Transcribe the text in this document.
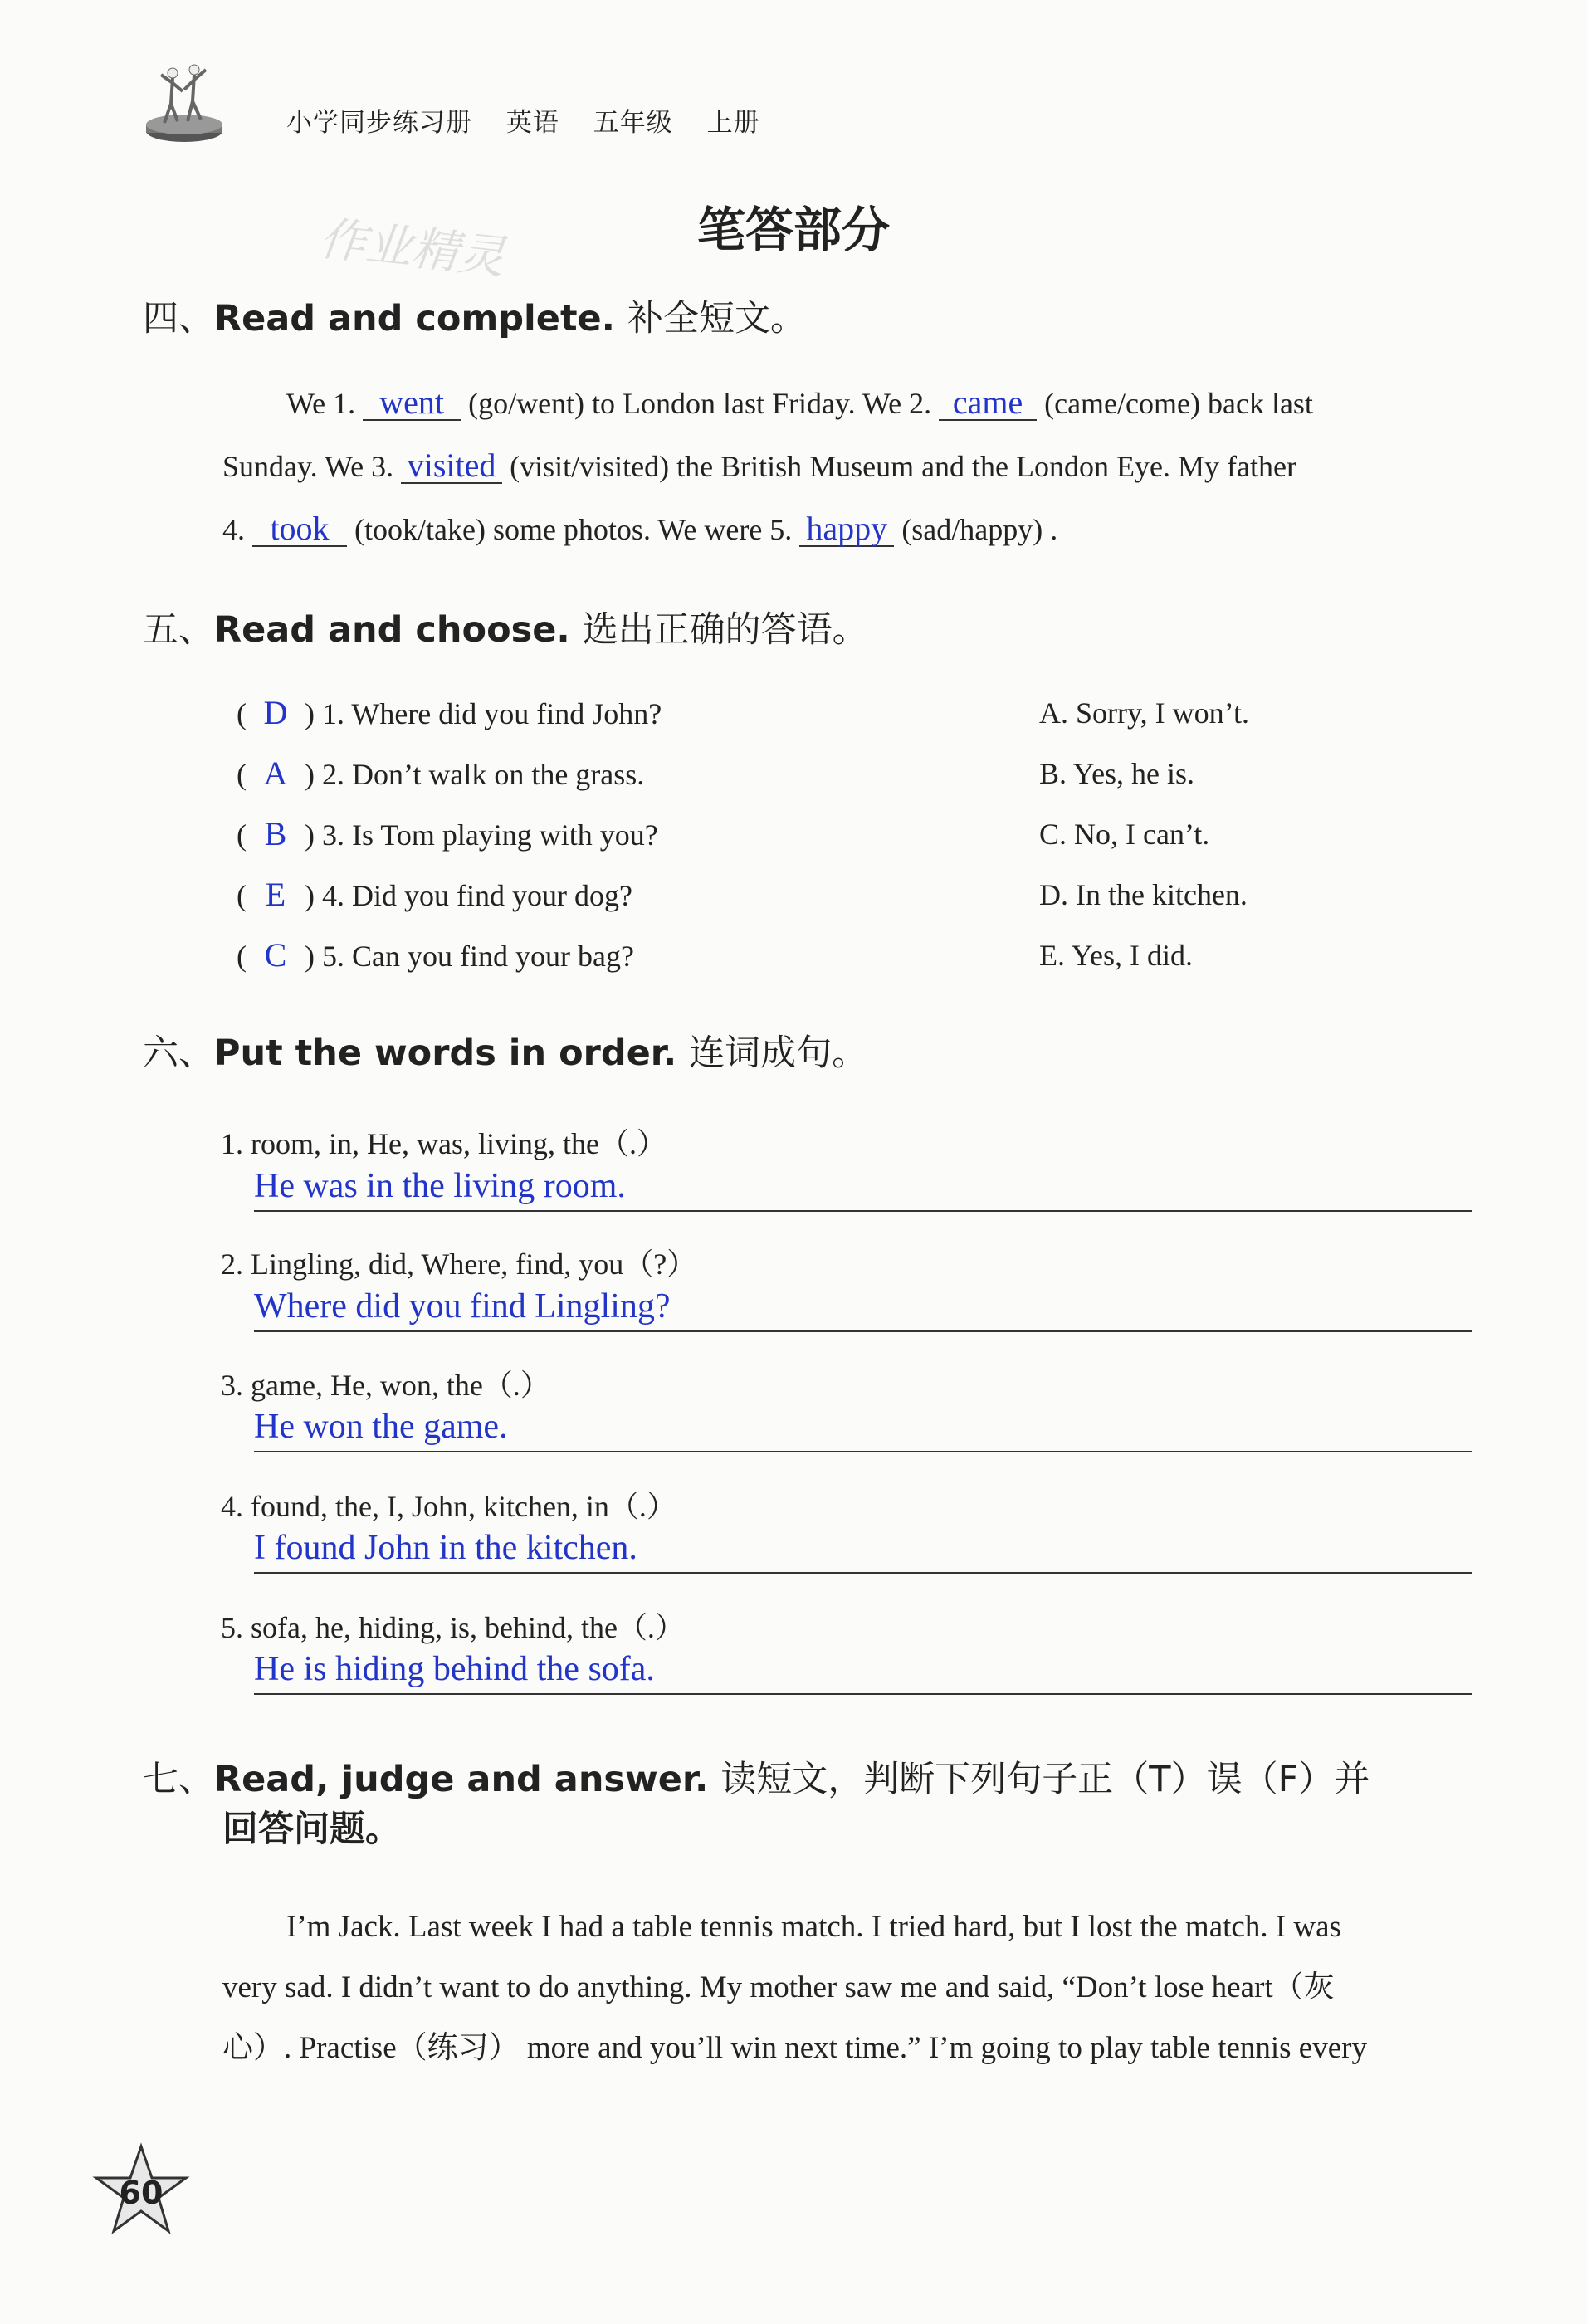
小学同步练习册 英语 五年级 上册
笔答部分
作业精灵
四、Read and complete. 补全短文。
We 1. went (go/went) to London last Friday. We 2. came (came/come) back last
Sunday. We 3. visited (visit/visited) the British Museum and the London Eye. My father
4. took (took/take) some photos. We were 5. happy (sad/happy) .
五、Read and choose. 选出正确的答语。
( D ) 1. Where did you find John?
( A ) 2. Don’t walk on the grass.
( B ) 3. Is Tom playing with you?
( E ) 4. Did you find your dog?
( C ) 5. Can you find your bag?
A. Sorry, I won’t.
B. Yes, he is.
C. No, I can’t.
D. In the kitchen.
E. Yes, I did.
六、Put the words in order. 连词成句。
1. room, in, He, was, living, the（.）
He was in the living room.
2. Lingling, did, Where, find, you（?）
Where did you find Lingling?
3. game, He, won, the（.）
He won the game.
4. found, the, I, John, kitchen, in（.）
I found John in the kitchen.
5. sofa, he, hiding, is, behind, the（.）
He is hiding behind the sofa.
七、Read, judge and answer. 读短文，判断下列句子正（T）误（F）并
回答问题。
I’m Jack. Last week I had a table tennis match. I tried hard, but I lost the match. I was
very sad. I didn’t want to do anything. My mother saw me and said, “Don’t lose heart（灰
心）. Practise（练习） more and you’ll win next time.” I’m going to play table tennis every
60
